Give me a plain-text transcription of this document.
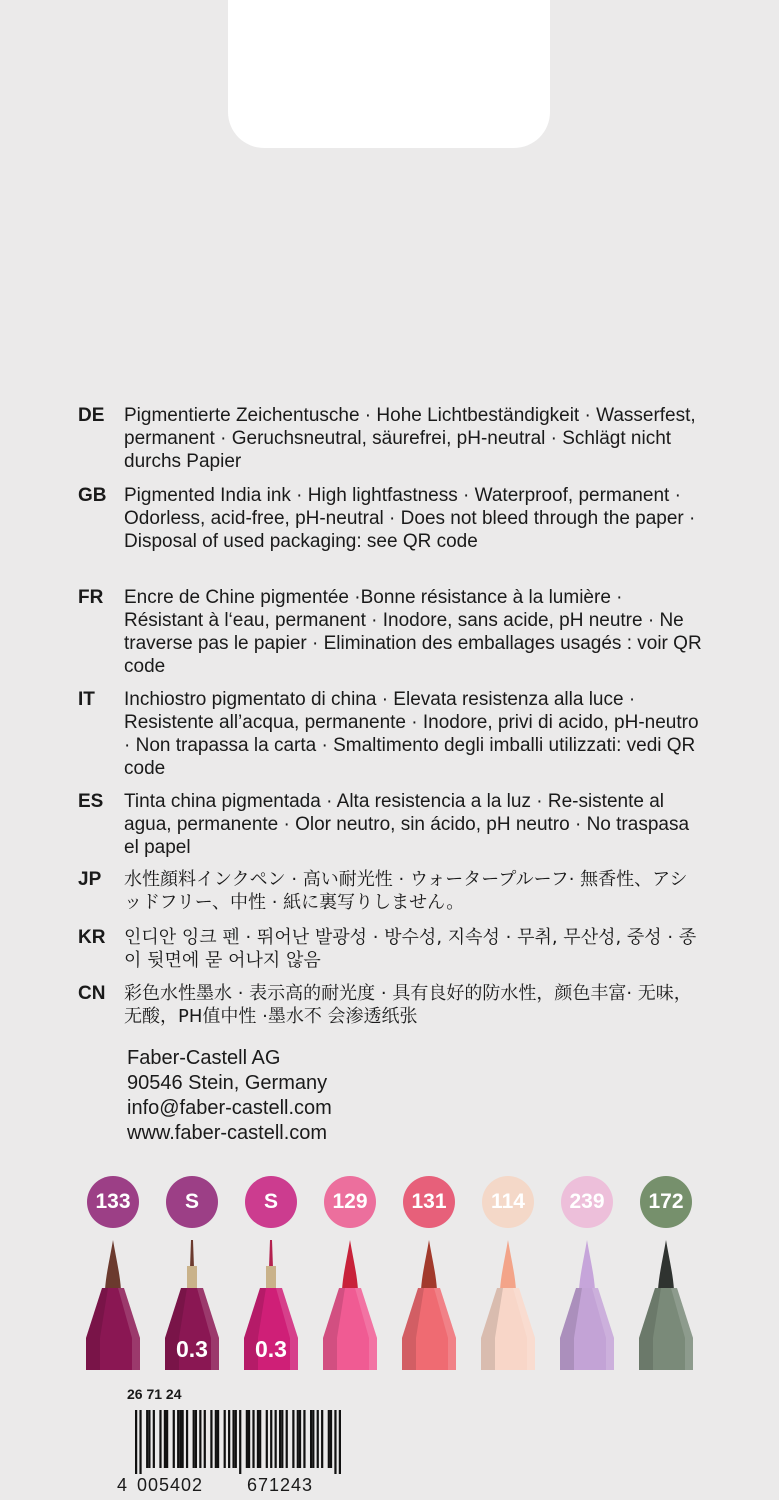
DE	Pigmentierte Zeichentusche · Hohe Lichtbeständigkeit · Wasserfest, permanent · Geruchsneutral, säurefrei, pH-neutral · Schlägt nicht durchs Papier
GB Pigmented India ink · High lightfastness · Waterproof, permanent · Odorless, acid-free, pH-neutral · Does not bleed through the paper · Disposal of used packaging: see QR code
FR	Encre de Chine pigmentée ·Bonne résistance à la lumière · Résistant à l‘eau, permanent · Inodore, sans acide, pH neutre · Ne traverse pas le papier · Elimination des emballages usagés : voir QR code
IT	Inchiostro pigmentato di china · Elevata resistenza alla luce · Resistente all’acqua, permanente · Inodore, privi di acido, pH-neutro · Non trapassa la carta · Smaltimento degli imballi utilizzati: vedi QR code
ES	Tinta china pigmentada · Alta resistencia a la luz · Re-sistente al agua, permanente · Olor neutro, sin ácido, pH neutro · No traspasa el papel
JP	水性顔料インクペン · 高い耐光性 · ウォータープルーフ· 無香性、アシッドフリー、中性 · 紙に裏写りしません。
KR	인디안 잉크 펜 · 뛰어난 발광성 · 방수성, 지속성 · 무취, 무산성, 중성 · 종이 뒷면에 묻 어나지 않음
CN	彩色水性墨水 · 表示高的耐光度 · 具有良好的防水性，颜色丰富· 无味，无酸，PH值中性 ·墨水不 会渗透纸张
Faber-Castell AG
90546 Stein, Germany
info@faber-castell.com
www.faber-castell.com
133	S
0.3
S
0.3
129	131	114	239	172
26 71 24
4 005402	671243
